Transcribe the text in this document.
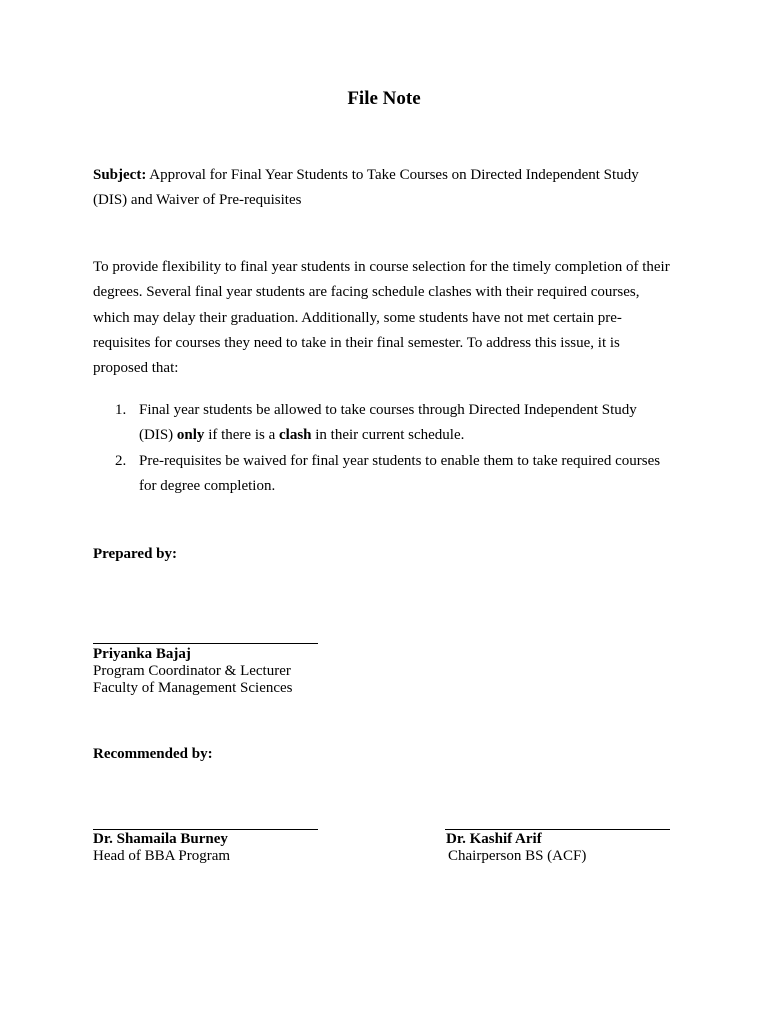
File Note
Subject: Approval for Final Year Students to Take Courses on Directed Independent Study (DIS) and Waiver of Pre-requisites
To provide flexibility to final year students in course selection for the timely completion of their degrees. Several final year students are facing schedule clashes with their required courses, which may delay their graduation. Additionally, some students have not met certain pre-requisites for courses they need to take in their final semester. To address this issue, it is proposed that:
1. Final year students be allowed to take courses through Directed Independent Study (DIS) only if there is a clash in their current schedule.
2. Pre-requisites be waived for final year students to enable them to take required courses for degree completion.
Prepared by:
Priyanka Bajaj
Program Coordinator & Lecturer
Faculty of Management Sciences
Recommended by:
Dr. Shamaila Burney
Head of BBA Program
Dr. Kashif Arif
Chairperson BS (ACF)
